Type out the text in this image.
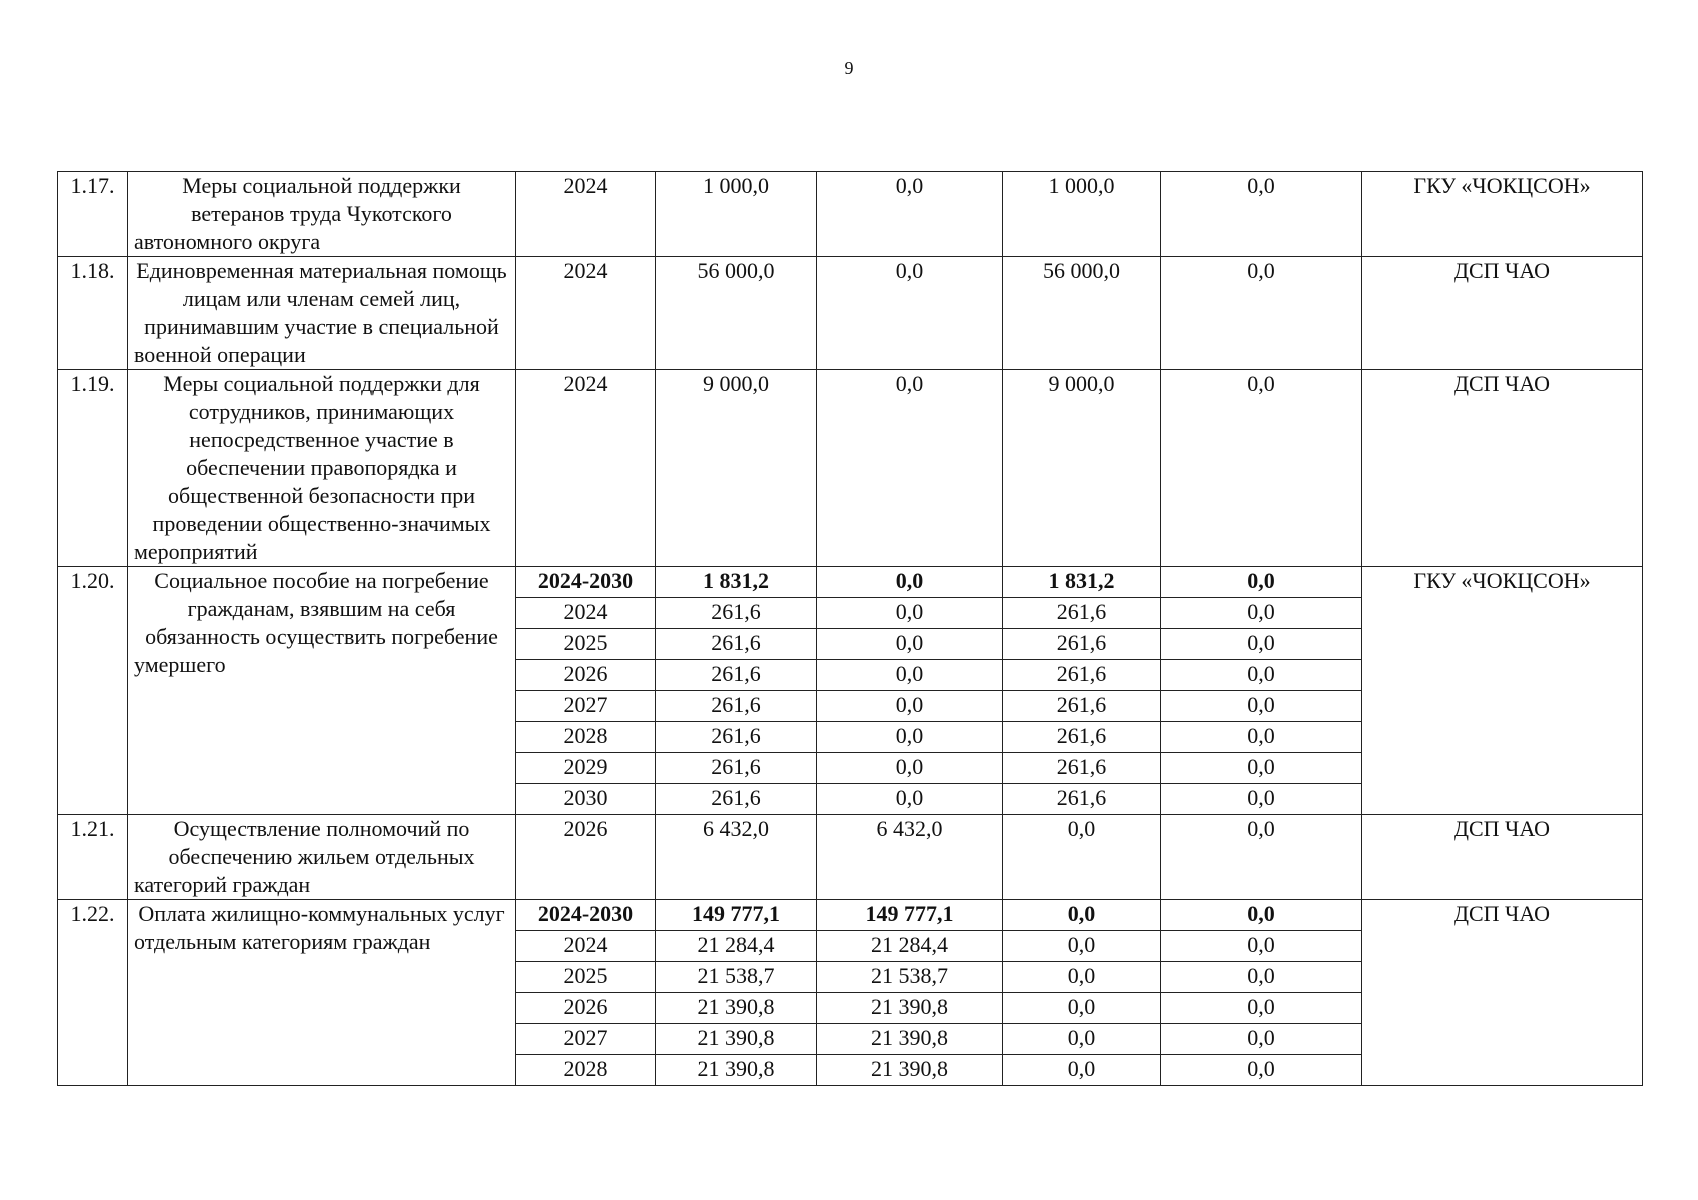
9
1.17.	Меры социальной поддержки ветеранов труда Чукотского автономного округа	2024	1 000,0	0,0	1 000,0	0,0	ГКУ «ЧОКЦСОН»
1.18.	Единовременная материальная помощь лицам или членам семей лиц, принимавшим участие в специальной военной операции	2024	56 000,0	0,0	56 000,0	0,0	ДСП ЧАО
1.19.	Меры социальной поддержки для сотрудников, принимающих непосредственное участие в обеспечении правопорядка и общественной безопасности при проведении общественно-значимых мероприятий	2024	9 000,0	0,0	9 000,0	0,0	ДСП ЧАО
1.20.	Социальное пособие на погребение гражданам, взявшим на себя обязанность осуществить погребение умершего	2024-2030	1 831,2	0,0	1 831,2	0,0	ГКУ «ЧОКЦСОН»
		2024	261,6	0,0	261,6	0,0	
		2025	261,6	0,0	261,6	0,0	
		2026	261,6	0,0	261,6	0,0	
		2027	261,6	0,0	261,6	0,0	
		2028	261,6	0,0	261,6	0,0	
		2029	261,6	0,0	261,6	0,0	
		2030	261,6	0,0	261,6	0,0	
1.21.	Осуществление полномочий по обеспечению жильем отдельных категорий граждан	2026	6 432,0	6 432,0	0,0	0,0	ДСП ЧАО
1.22.	Оплата жилищно-коммунальных услуг отдельным категориям граждан	2024-2030	149 777,1	149 777,1	0,0	0,0	ДСП ЧАО
		2024	21 284,4	21 284,4	0,0	0,0	
		2025	21 538,7	21 538,7	0,0	0,0	
		2026	21 390,8	21 390,8	0,0	0,0	
		2027	21 390,8	21 390,8	0,0	0,0	
		2028	21 390,8	21 390,8	0,0	0,0	
